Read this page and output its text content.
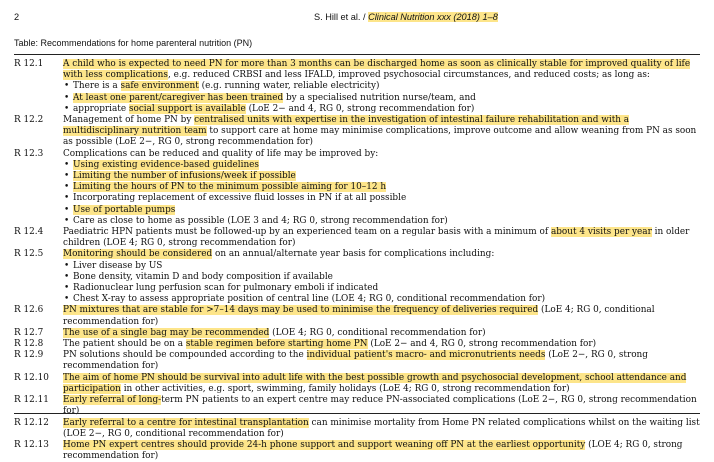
2	S. Hill et al. / Clinical Nutrition xxx (2018) 1–8
Table: Recommendations for home parenteral nutrition (PN)
R 12.1	A child who is expected to need PN for more than 3 months can be discharged home as soon as clinically stable for improved quality of life with less complications, e.g. reduced CRBSI and less IFALD, improved psychosocial circumstances, and reduced costs; as long as:
• There is a safe environment (e.g. running water, reliable electricity)
• At least one parent/caregiver has been trained by a specialised nutrition nurse/team, and
• appropriate social support is available (LoE 2− and 4, RG 0, strong recommendation for)
R 12.2	Management of home PN by centralised units with expertise in the investigation of intestinal failure rehabilitation and with a multidisciplinary nutrition team to support care at home may minimise complications, improve outcome and allow weaning from PN as soon as possible (LoE 2−, RG 0, strong recommendation for)
R 12.3	Complications can be reduced and quality of life may be improved by:
• Using existing evidence-based guidelines
• Limiting the number of infusions/week if possible
• Limiting the hours of PN to the minimum possible aiming for 10–12 h
• Incorporating replacement of excessive fluid losses in PN if at all possible
• Use of portable pumps
• Care as close to home as possible (LOE 3 and 4; RG 0, strong recommendation for)
R 12.4	Paediatric HPN patients must be followed-up by an experienced team on a regular basis with a minimum of about 4 visits per year in older children (LOE 4; RG 0, strong recommendation for)
R 12.5	Monitoring should be considered on an annual/alternate year basis for complications including:
• Liver disease by US
• Bone density, vitamin D and body composition if available
• Radionuclear lung perfusion scan for pulmonary emboli if indicated
• Chest X-ray to assess appropriate position of central line (LOE 4; RG 0, conditional recommendation for)
R 12.6	PN mixtures that are stable for >7–14 days may be used to minimise the frequency of deliveries required (LoE 4; RG 0, conditional recommendation for)
R 12.7	The use of a single bag may be recommended (LOE 4; RG 0, conditional recommendation for)
R 12.8	The patient should be on a stable regimen before starting home PN (LoE 2− and 4, RG 0, strong recommendation for)
R 12.9	PN solutions should be compounded according to the individual patient's macro- and micronutrients needs (LoE 2−, RG 0, strong recommendation for)
R 12.10	The aim of home PN should be survival into adult life with the best possible growth and psychosocial development, school attendance and participation in other activities, e.g. sport, swimming, family holidays (LoE 4; RG 0, strong recommendation for)
R 12.11	Early referral of long-term PN patients to an expert centre may reduce PN-associated complications (LoE 2−, RG 0, strong recommendation for)
R 12.12	Early referral to a centre for intestinal transplantation can minimise mortality from Home PN related complications whilst on the waiting list (LOE 2−, RG 0, conditional recommendation for)
R 12.13	Home PN expert centres should provide 24-h phone support and support weaning off PN at the earliest opportunity (LOE 4; RG 0, strong recommendation for)
